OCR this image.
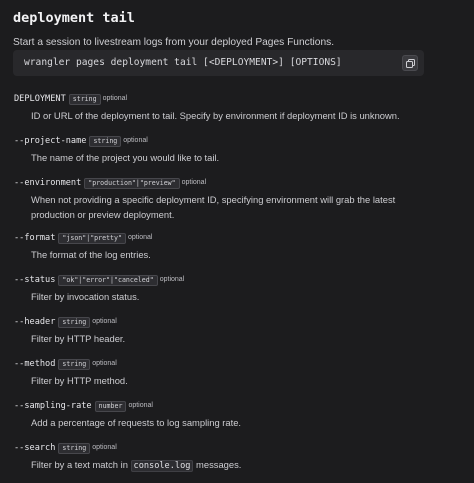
deployment tail
Start a session to livestream logs from your deployed Pages Functions.
wrangler pages deployment tail [<DEPLOYMENT>] [OPTIONS]
DEPLOYMENT string optional
ID or URL of the deployment to tail. Specify by environment if deployment ID is unknown.
--project-name string optional
The name of the project you would like to tail.
--environment "production"|"preview" optional
When not providing a specific deployment ID, specifying environment will grab the latest production or preview deployment.
--format "json"|"pretty" optional
The format of the log entries.
--status "ok"|"error"|"canceled" optional
Filter by invocation status.
--header string optional
Filter by HTTP header.
--method string optional
Filter by HTTP method.
--sampling-rate number optional
Add a percentage of requests to log sampling rate.
--search string optional
Filter by a text match in console.log messages.
